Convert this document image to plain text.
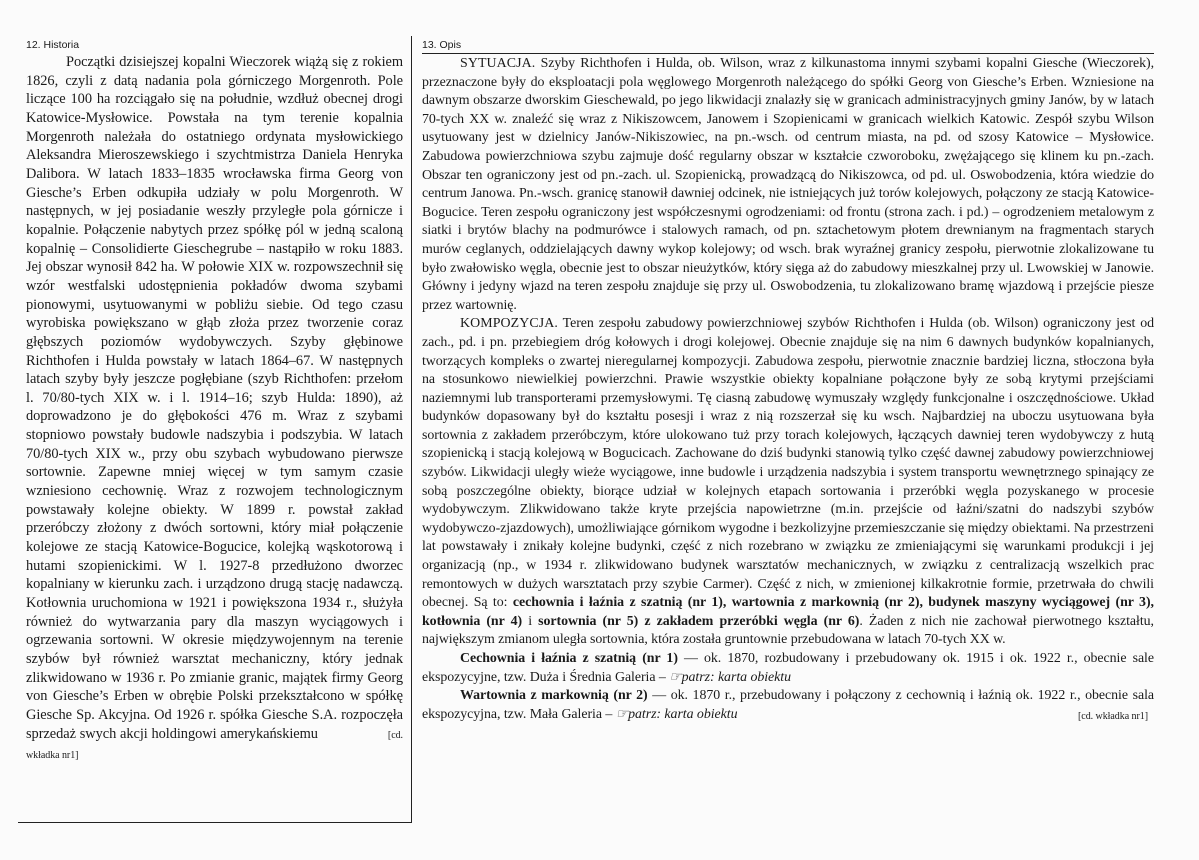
12. Historia

Początki dzisiejszej kopalni Wieczorek wiążą się z rokiem 1826, czyli z datą nadania pola górniczego Morgenroth. Pole liczące 100 ha rozciągało się na południe, wzdłuż obecnej drogi Katowice-Mysłowice. Powstała na tym terenie kopalnia Morgenroth należała do ostatniego ordynata mysłowickiego Aleksandra Mieroszewskiego i szychtmistrza Daniela Henryka Dalibora. W latach 1833–1835 wrocławska firma Georg von Giesche’s Erben odkupiła udziały w polu Morgenroth. W następnych, w jej posiadanie weszły przyległe pola górnicze i kopalnie. Połączenie nabytych przez spółkę pól w jedną scaloną kopalnię – Consolidierte Gieschegrube – nastąpiło w roku 1883. Jej obszar wynosił 842 ha. W połowie XIX w. rozpowszechnił się wzór westfalski udostępnienia pokładów dwoma szybami pionowymi, usytuowanymi w pobliżu siebie. Od tego czasu wyrobiska powiększano w głąb złoża przez tworzenie coraz głębszych poziomów wydobywczych. Szyby głębinowe Richthofen i Hulda powstały w latach 1864–67. W następnych latach szyby były jeszcze pogłębiane (szyb Richthofen: przełom l. 70/80-tych XIX w. i l. 1914–16; szyb Hulda: 1890), aż doprowadzono je do głębokości 476 m. Wraz z szybami stopniowo powstały budowle nadszybia i podszybia. W latach 70/80-tych XIX w., przy obu szybach wybudowano pierwsze sortownie. Zapewne mniej więcej w tym samym czasie wzniesiono cechownię. Wraz z rozwojem technologicznym powstawały kolejne obiekty. W 1899 r. powstał zakład przeróbczy złożony z dwóch sortowni, który miał połączenie kolejowe ze stacją Katowice-Bogucice, kolejką wąskotorową i hutami szopienickimi. W l. 1927-8 przedłużono dworzec kopalniany w kierunku zach. i urządzono drugą stację nadawczą. Kotłownia uruchomiona w 1921 i powiększona 1934 r., służyła również do wytwarzania pary dla maszyn wyciągowych i ogrzewania sortowni. W okresie międzywojennym na terenie szybów był również warsztat mechaniczny, który jednak zlikwidowano w 1936 r. Po zmianie granic, majątek firmy Georg von Giesche’s Erben w obrębie Polski przekształcono w spółkę Giesche Sp. Akcyjna. Od 1926 r. spółka Giesche S.A. rozpoczęła sprzedaż swych akcji holdingowi amerykańskiemu	[cd. wkładka nr1]

13. Opis

SYTUACJA. Szyby Richthofen i Hulda, ob. Wilson, wraz z kilkunastoma innymi szybami kopalni Giesche (Wieczorek), przeznaczone były do eksploatacji pola węglowego Morgenroth należącego do spółki Georg von Giesche’s Erben. Wzniesione na dawnym obszarze dworskim Gieschewald, po jego likwidacji znalazły się w granicach administracyjnych gminy Janów, by w latach 70-tych XX w. znaleźć się wraz z Nikiszowcem, Janowem i Szopienicami w granicach wielkich Katowic. Zespół szybu Wilson usytuowany jest w dzielnicy Janów-Nikiszowiec, na pn.-wsch. od centrum miasta, na pd. od szosy Katowice – Mysłowice. Zabudowa powierzchniowa szybu zajmuje dość regularny obszar w kształcie czworoboku, zwężającego się klinem ku pn.-zach. Obszar ten ograniczony jest od pn.-zach. ul. Szopienicką, prowadzącą do Nikiszowca, od pd. ul. Oswobodzenia, która wiedzie do centrum Janowa. Pn.-wsch. granicę stanowił dawniej odcinek, nie istniejących już torów kolejowych, połączony ze stacją Katowice-Bogucice. Teren zespołu ograniczony jest współczesnymi ogrodzeniami: od frontu (strona zach. i pd.) – ogrodzeniem metalowym z siatki i brytów blachy na podmurówce i stalowych ramach, od pn. sztachetowym płotem drewnianym na fragmentach starych murów ceglanych, oddzielających dawny wykop kolejowy; od wsch. brak wyraźnej granicy zespołu, pierwotnie zlokalizowane tu było zwałowisko węgla, obecnie jest to obszar nieużytków, który sięga aż do zabudowy mieszkalnej przy ul. Lwowskiej w Janowie. Główny i jedyny wjazd na teren zespołu znajduje się przy ul. Oswobodzenia, tu zlokalizowano bramę wjazdową i przejście piesze przez wartownię.

KOMPOZYCJA. Teren zespołu zabudowy powierzchniowej szybów Richthofen i Hulda (ob. Wilson) ograniczony jest od zach., pd. i pn. przebiegiem dróg kołowych i drogi kolejowej. Obecnie znajduje się na nim 6 dawnych budynków kopalnianych, tworzących kompleks o zwartej nieregularnej kompozycji. Zabudowa zespołu, pierwotnie znacznie bardziej liczna, stłoczona była na stosunkowo niewielkiej powierzchni. Prawie wszystkie obiekty kopalniane połączone były ze sobą krytymi przejściami naziemnymi lub transporterami przemysłowymi. Tę ciasną zabudowę wymuszały względy funkcjonalne i oszczędnościowe. Układ budynków dopasowany był do kształtu posesji i wraz z nią rozszerzał się ku wsch. Najbardziej na uboczu usytuowana była sortownia z zakładem przeróbczym, które ulokowano tuż przy torach kolejowych, łączących dawniej teren wydobywczy z hutą szopienicką i stacją kolejową w Bogucicach. Zachowane do dziś budynki stanowią tylko część dawnej zabudowy powierzchniowej szybów. Likwidacji uległy wieże wyciągowe, inne budowle i urządzenia nadszybia i system transportu wewnętrznego spinający ze sobą poszczególne obiekty, biorące udział w kolejnych etapach sortowania i przeróbki węgla pozyskanego w procesie wydobywczym. Zlikwidowano także kryte przejścia napowietrzne (m.in. przejście od łaźni/szatni do nadszybi szybów wydobywczo-zjazdowych), umożliwiające górnikom wygodne i bezkolizyjne przemieszczanie się między obiektami. Na przestrzeni lat powstawały i znikały kolejne budynki, część z nich rozebrano w związku ze zmieniającymi się warunkami produkcji i jej organizacją (np., w 1934 r. zlikwidowano budynek warsztatów mechanicznych, w związku z centralizacją wszelkich prac remontowych w dużych warsztatach przy szybie Carmer). Część z nich, w zmienionej kilkakrotnie formie, przetrwała do chwili obecnej. Są to: cechownia i łaźnia z szatnią (nr 1), wartownia z markownią (nr 2), budynek maszyny wyciągowej (nr 3), kotłownia (nr 4) i sortownia (nr 5) z zakładem przeróbki węgla (nr 6). Żaden z nich nie zachował pierwotnego kształtu, największym zmianom uległa sortownia, która została gruntownie przebudowana w latach 70-tych XX w.

Cechownia i łaźnia z szatnią (nr 1) — ok. 1870, rozbudowany i przebudowany ok. 1915 i ok. 1922 r., obecnie sale ekspozycyjne, tzw. Duża i Średnia Galeria – ☞patrz: karta obiektu

Wartownia z markownią (nr 2) — ok. 1870 r., przebudowany i połączony z cechownią i łaźnią ok. 1922 r., obecnie sala ekspozycyjna, tzw. Mała Galeria – ☞patrz: karta obiektu	[cd. wkładka nr1]
